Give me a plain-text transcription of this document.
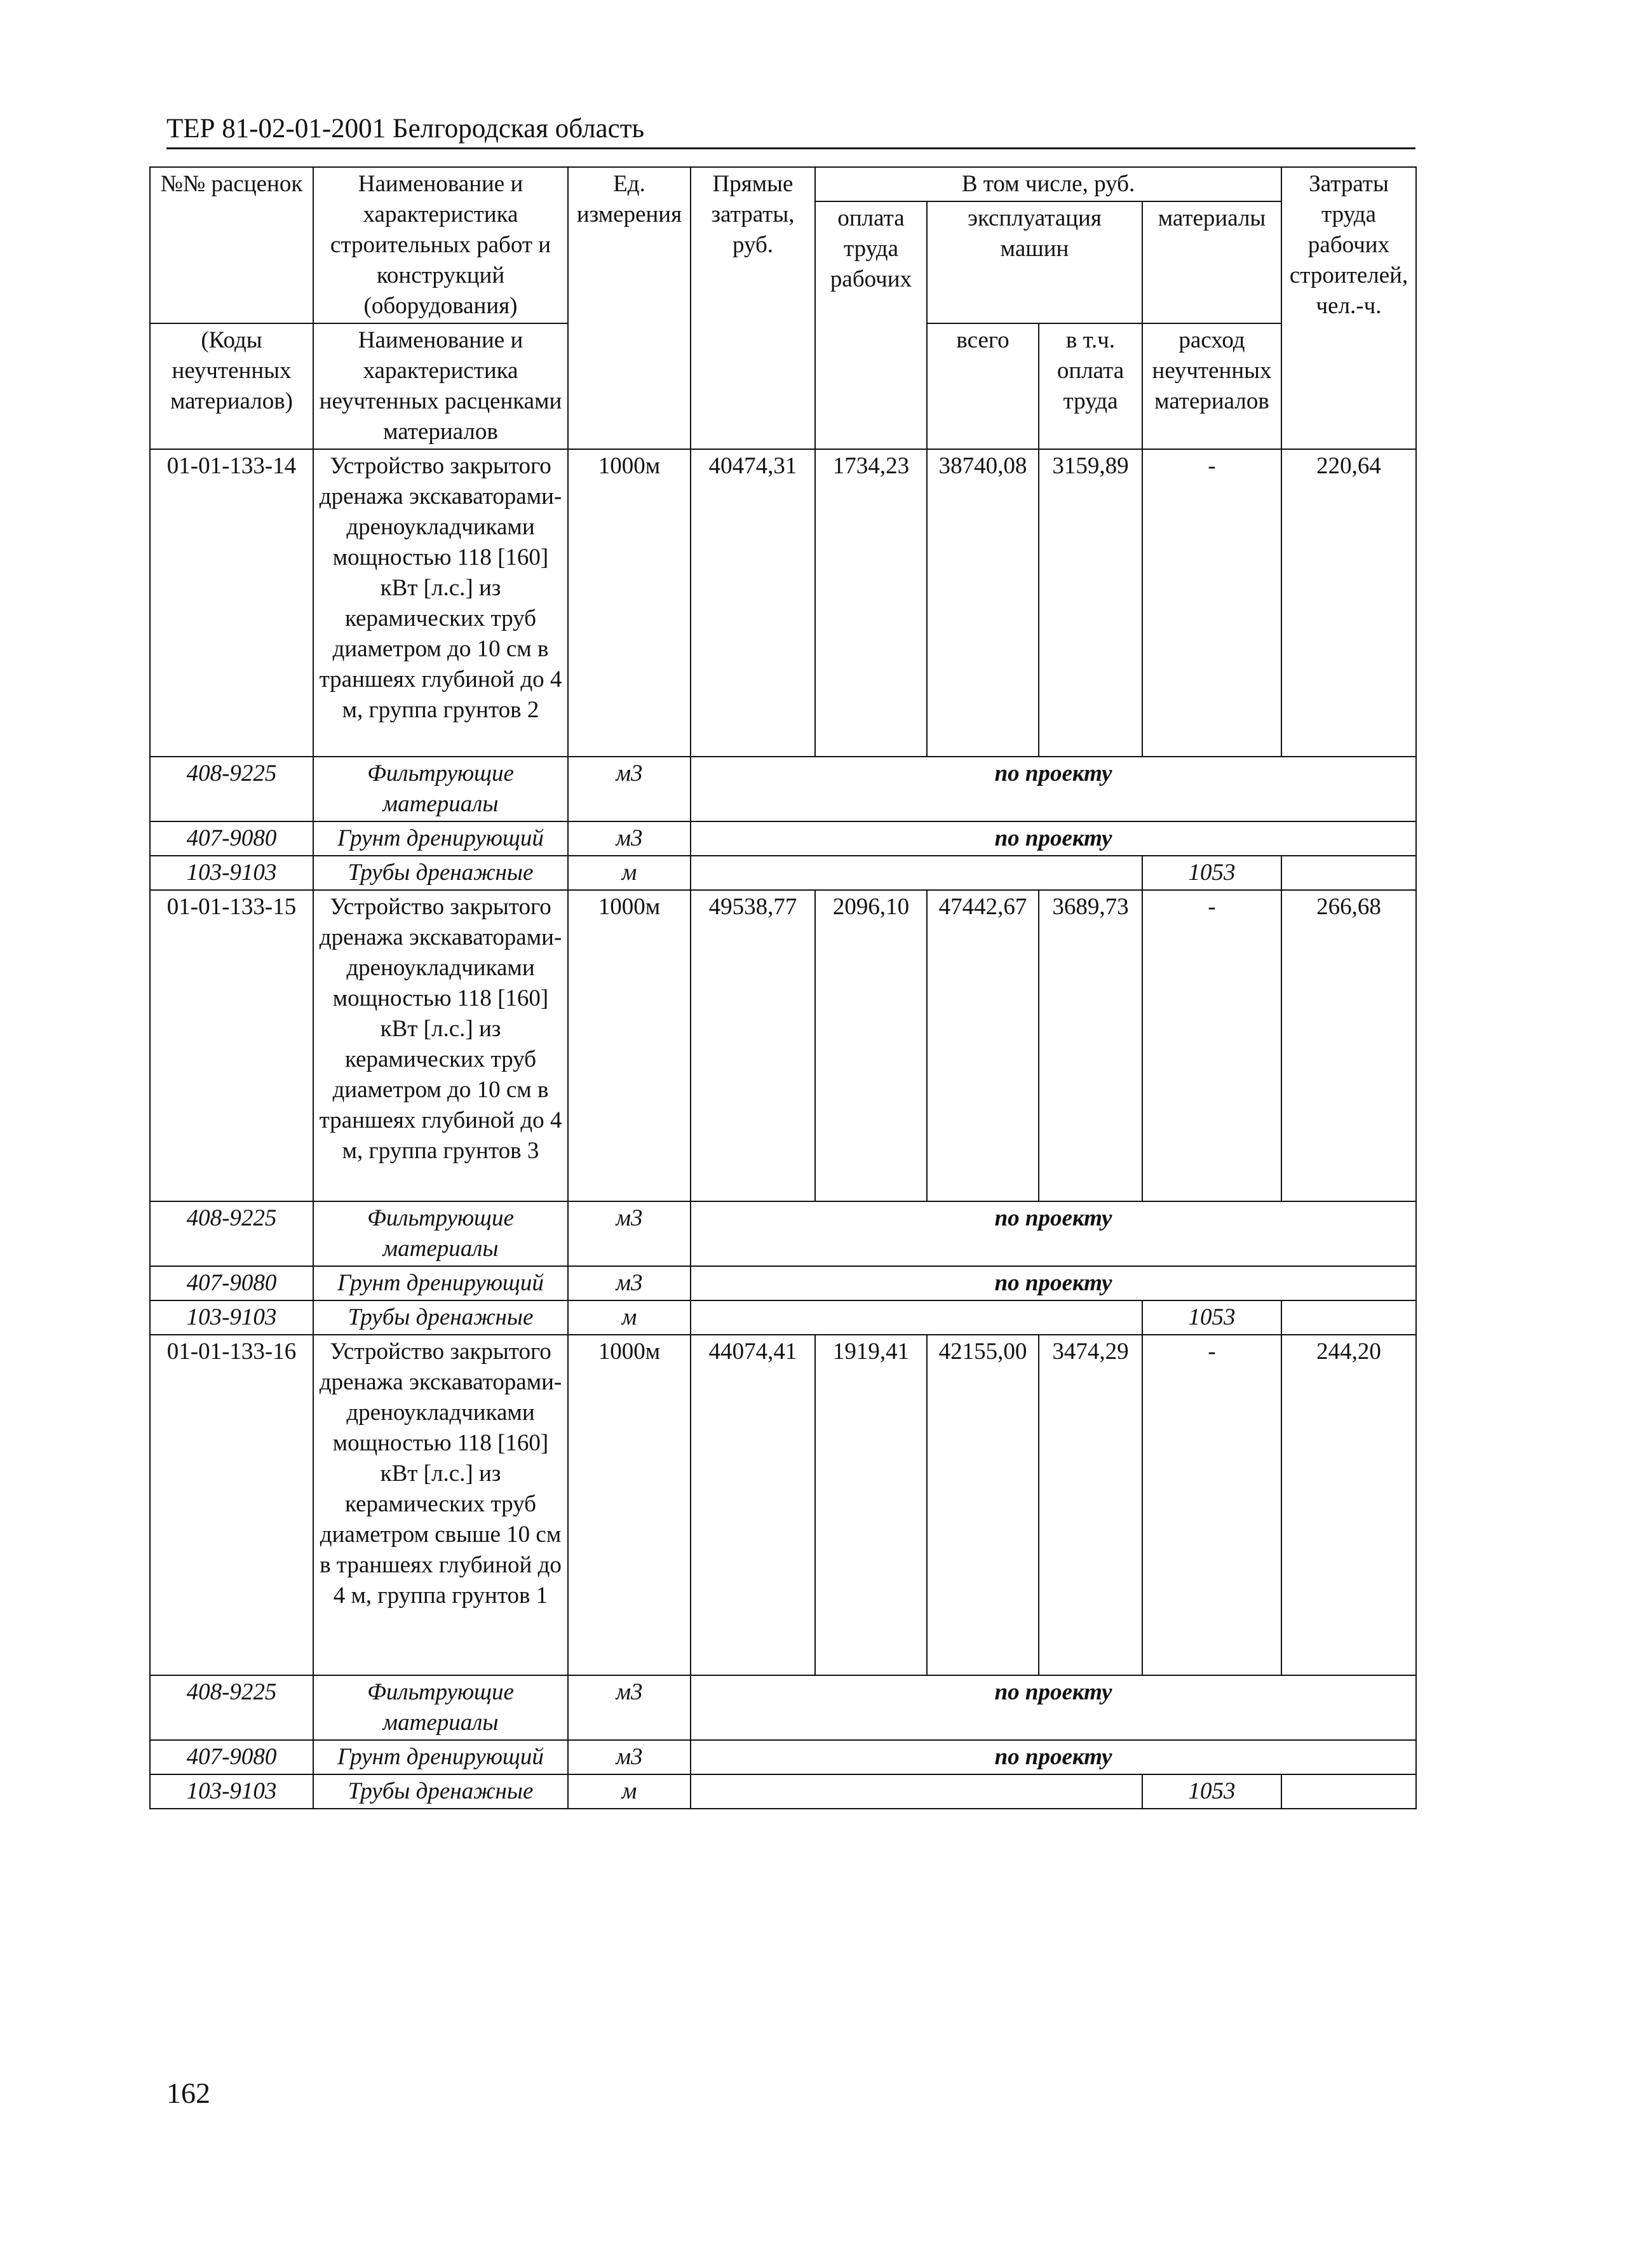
ТЕР 81-02-01-2001 Белгородская область
№№ расценок	Наименование и характеристика строительных работ и конструкций (оборудования)	Ед. измерения	Прямые затраты, руб.	В том числе, руб.				Затраты труда рабочих строителей, чел.-ч.
				оплата труда рабочих	эксплуатация машин		материалы	
(Коды неучтенных материалов)	Наименование и характеристика неучтенных расценками материалов				всего	в т.ч. оплата труда	расход неучтенных материалов	

01-01-133-14	Устройство закрытого дренажа экскаваторами-дреноукладчиками мощностью 118 [160] кВт [л.с.] из керамических труб диаметром до 10 см в траншеях глубиной до 4 м, группа грунтов 2	1000м	40474,31	1734,23	38740,08	3159,89	-	220,64
408-9225	Фильтрующие материалы	м3	по проекту					
407-9080	Грунт дренирующий	м3	по проекту					
103-9103	Трубы дренажные	м					1053	
01-01-133-15	Устройство закрытого дренажа экскаваторами-дреноукладчиками мощностью 118 [160] кВт [л.с.] из керамических труб диаметром до 10 см в траншеях глубиной до 4 м, группа грунтов 3	1000м	49538,77	2096,10	47442,67	3689,73	-	266,68
408-9225	Фильтрующие материалы	м3	по проекту					
407-9080	Грунт дренирующий	м3	по проекту					
103-9103	Трубы дренажные	м					1053	
01-01-133-16	Устройство закрытого дренажа экскаваторами-дреноукладчиками мощностью 118 [160] кВт [л.с.] из керамических труб диаметром свыше 10 см в траншеях глубиной до 4 м, группа грунтов 1	1000м	44074,41	1919,41	42155,00	3474,29	-	244,20
408-9225	Фильтрующие материалы	м3	по проекту					
407-9080	Грунт дренирующий	м3	по проекту					
103-9103	Трубы дренажные	м					1053	
162
